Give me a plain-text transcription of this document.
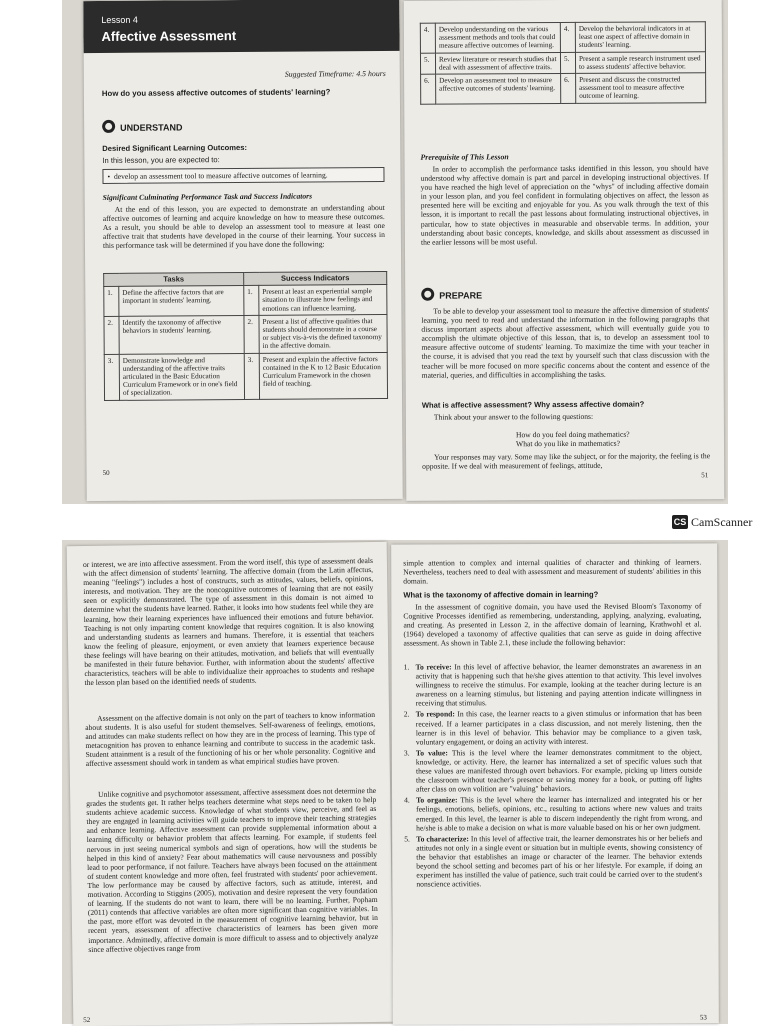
Lesson 4

Affective Assessment

Suggested Timeframe: 4.5 hours

How do you assess affective outcomes of students' learning?

UNDERSTAND

Desired Significant Learning Outcomes:

In this lesson, you are expected to:

•  develop an assessment tool to measure affective outcomes of learning.

Significant Culminating Performance Task and Success Indicators

At the end of this lesson, you are expected to demonstrate an understanding about affective outcomes of learning and acquire knowledge on how to measure these outcomes. As a result, you should be able to develop an assessment tool to measure at least one affective trait that students have developed in the course of their learning. Your success in this performance task will be determined if you have done the following:

Tasks		Success Indicators	
1.	Define the affective factors that are important in students' learning.	1.	Present at least an experiential sample situation to illustrate how feelings and emotions can influence learning.
2.	Identify the taxonomy of affective behaviors in students' learning.	2.	Present a list of affective qualities that students should demonstrate in a course or subject vis-à-vis the defined taxonomy in the affective domain.
3.	Demonstrate knowledge and understanding of the affective traits articulated in the Basic Education Curriculum Framework or in one's field of specialization.	3.	Present and explain the affective factors contained in the K to 12 Basic Education Curriculum Framework in the chosen field of teaching.

50

4.	Develop understanding on the various assessment methods and tools that could measure affective outcomes of learning.	4.	Develop the behavioral indicators in at least one aspect of affective domain in students' learning.
5.	Review literature or research studies that deal with assessment of affective traits.	5.	Present a sample research instrument used to assess students' affective behavior.
6.	Develop an assessment tool to measure affective outcomes of students' learning.	6.	Present and discuss the constructed assessment tool to measure affective outcome of learning.

Prerequisite of This Lesson

In order to accomplish the performance tasks identified in this lesson, you should have understood why affective domain is part and parcel in developing instructional objectives. If you have reached the high level of appreciation on the "whys" of including affective domain in your lesson plan, and you feel confident in formulating objectives on affect, the lesson as presented here will be exciting and enjoyable for you. As you walk through the text of this lesson, it is important to recall the past lessons about formulating instructional objectives, in particular, how to state objectives in measurable and observable terms. In addition, your understanding about basic concepts, knowledge, and skills about assessment as discussed in the earlier lessons will be most useful.

PREPARE

To be able to develop your assessment tool to measure the affective dimension of students' learning, you need to read and understand the information in the following paragraphs that discuss important aspects about affective assessment, which will eventually guide you to accomplish the ultimate objective of this lesson, that is, to develop an assessment tool to measure affective outcome of students' learning. To maximize the time with your teacher in the course, it is advised that you read the text by yourself such that class discussion with the teacher will be more focused on more specific concerns about the content and essence of the material, queries, and difficulties in accomplishing the tasks.

What is affective assessment? Why assess affective domain?

Think about your answer to the following questions:

How do you feel doing mathematics?

What do you like in mathematics?

Your responses may vary. Some may like the subject, or for the majority, the feeling is the opposite. If we deal with measurement of feelings, attitude,

51

CS CamScanner

or interest, we are into affective assessment. From the word itself, this type of assessment deals with the affect dimension of students' learning. The affective domain (from the Latin affectus, meaning "feelings") includes a host of constructs, such as attitudes, values, beliefs, opinions, interests, and motivation. They are the noncognitive outcomes of learning that are not easily seen or explicitly demonstrated. The type of assessment in this domain is not aimed to determine what the students have learned. Rather, it looks into how students feel while they are learning, how their learning experiences have influenced their emotions and future behavior. Teaching is not only imparting content knowledge that requires cognition. It is also knowing and understanding students as learners and humans. Therefore, it is essential that teachers know the feeling of pleasure, enjoyment, or even anxiety that learners experience because these feelings will have bearing on their attitudes, motivation, and beliefs that will eventually be manifested in their future behavior. Further, with information about the students' affective characteristics, teachers will be able to individualize their approaches to students and reshape the lesson plan based on the identified needs of students.

Assessment on the affective domain is not only on the part of teachers to know information about students. It is also useful for student themselves. Self-awareness of feelings, emotions, and attitudes can make students reflect on how they are in the process of learning. This type of metacognition has proven to enhance learning and contribute to success in the academic task. Student attainment is a result of the functioning of his or her whole personality. Cognitive and affective assessment should work in tandem as what empirical studies have proven.

Unlike cognitive and psychomotor assessment, affective assessment does not determine the grades the students get. It rather helps teachers determine what steps need to be taken to help students achieve academic success. Knowledge of what students view, perceive, and feel as they are engaged in learning activities will guide teachers to improve their teaching strategies and enhance learning. Affective assessment can provide supplemental information about a learning difficulty or behavior problem that affects learning. For example, if students feel nervous in just seeing numerical symbols and sign of operations, how will the students be helped in this kind of anxiety? Fear about mathematics will cause nervousness and possibly lead to poor performance, if not failure. Teachers have always been focused on the attainment of student content knowledge and more often, feel frustrated with students' poor achievement. The low performance may be caused by affective factors, such as attitude, interest, and motivation. According to Stiggins (2005), motivation and desire represent the very foundation of learning. If the students do not want to learn, there will be no learning. Further, Popham (2011) contends that affective variables are often more significant than cognitive variables. In the past, more effort was devoted in the measurement of cognitive learning behavior, but in recent years, assessment of affective characteristics of learners has been given more importance. Admittedly, affective domain is more difficult to assess and to objectively analyze since affective objectives range from

52

simple attention to complex and internal qualities of character and thinking of learners. Nevertheless, teachers need to deal with assessment and measurement of students' abilities in this domain.

What is the taxonomy of affective domain in learning?

In the assessment of cognitive domain, you have used the Revised Bloom's Taxonomy of Cognitive Processes identified as remembering, understanding, applying, analyzing, evaluating, and creating. As presented in Lesson 2, in the affective domain of learning, Krathwohl et al. (1964) developed a taxonomy of affective qualities that can serve as guide in doing affective assessment. As shown in Table 2.1, these include the following behavior:

1. To receive: In this level of affective behavior, the learner demonstrates an awareness in an activity that is happening such that he/she gives attention to that activity. This level involves willingness to receive the stimulus. For example, looking at the teacher during lecture is an awareness on a learning stimulus, but listening and paying attention indicate willingness in receiving that stimulus.
2. To respond: In this case, the learner reacts to a given stimulus or information that has been received. If a learner participates in a class discussion, and not merely listening, then the learner is in this level of behavior. This behavior may be compliance to a given task, voluntary engagement, or doing an activity with interest.
3. To value: This is the level where the learner demonstrates commitment to the object, knowledge, or activity. Here, the learner has internalized a set of specific values such that these values are manifested through overt behaviors. For example, picking up litters outside the classroom without teacher's presence or saving money for a book, or putting off lights after class on own volition are "valuing" behaviors.
4. To organize: This is the level where the learner has internalized and integrated his or her feelings, emotions, beliefs, opinions, etc., resulting to actions where new values and traits emerged. In this level, the learner is able to discern independently the right from wrong, and he/she is able to make a decision on what is more valuable based on his or her own judgment.
5. To characterize: In this level of affective trait, the learner demonstrates his or her beliefs and attitudes not only in a single event or situation but in multiple events, showing consistency of the behavior that establishes an image or character of the learner. The behavior extends beyond the school setting and becomes part of his or her lifestyle. For example, if doing an experiment has instilled the value of patience, such trait could be carried over to the student's nonscience activities.

53
